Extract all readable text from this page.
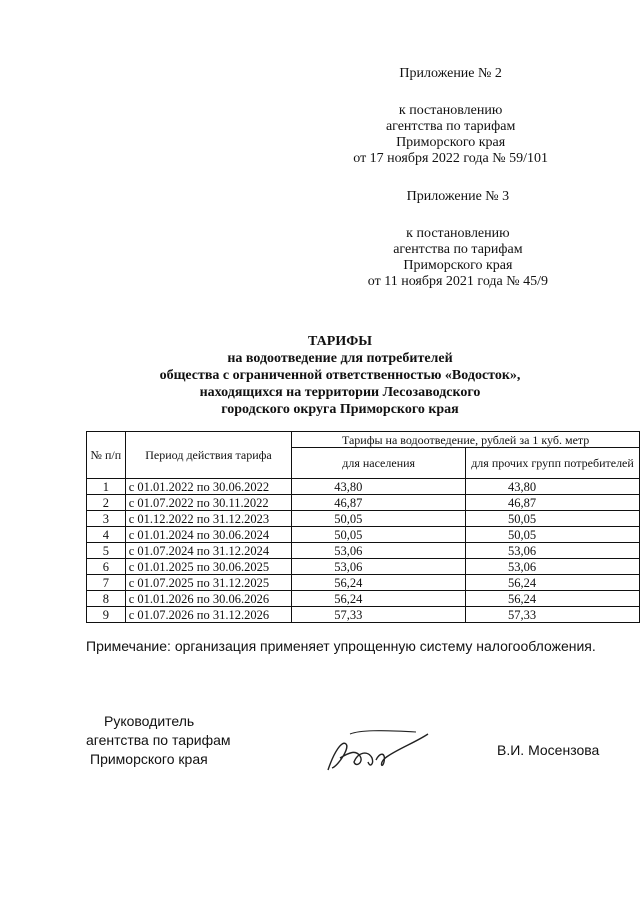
Приложение № 2
к постановлению
агентства по тарифам
Приморского края
от 17 ноября 2022 года № 59/101
Приложение № 3
к постановлению
агентства по тарифам
Приморского края
от 11 ноября 2021 года № 45/9
ТАРИФЫ
на водоотведение для потребителей
общества с ограниченной ответственностью «Водосток»,
находящихся на территории Лесозаводского
городского округа Приморского края
№ п/п	Период действия тарифа	Тарифы на водоотведение, рублей за 1 куб. метр	
		для населения	для прочих групп потребителей
1	с 01.01.2022 по 30.06.2022	43,80	43,80
2	с 01.07.2022 по 30.11.2022	46,87	46,87
3	с 01.12.2022 по 31.12.2023	50,05	50,05
4	с 01.01.2024 по 30.06.2024	50,05	50,05
5	с 01.07.2024 по 31.12.2024	53,06	53,06
6	с 01.01.2025 по 30.06.2025	53,06	53,06
7	с 01.07.2025 по 31.12.2025	56,24	56,24
8	с 01.01.2026 по 30.06.2026	56,24	56,24
9	с 01.07.2026 по 31.12.2026	57,33	57,33
Примечание: организация применяет упрощенную систему налогообложения.
Руководитель
агентства по тарифам
Приморского края
В.И. Мосензова
